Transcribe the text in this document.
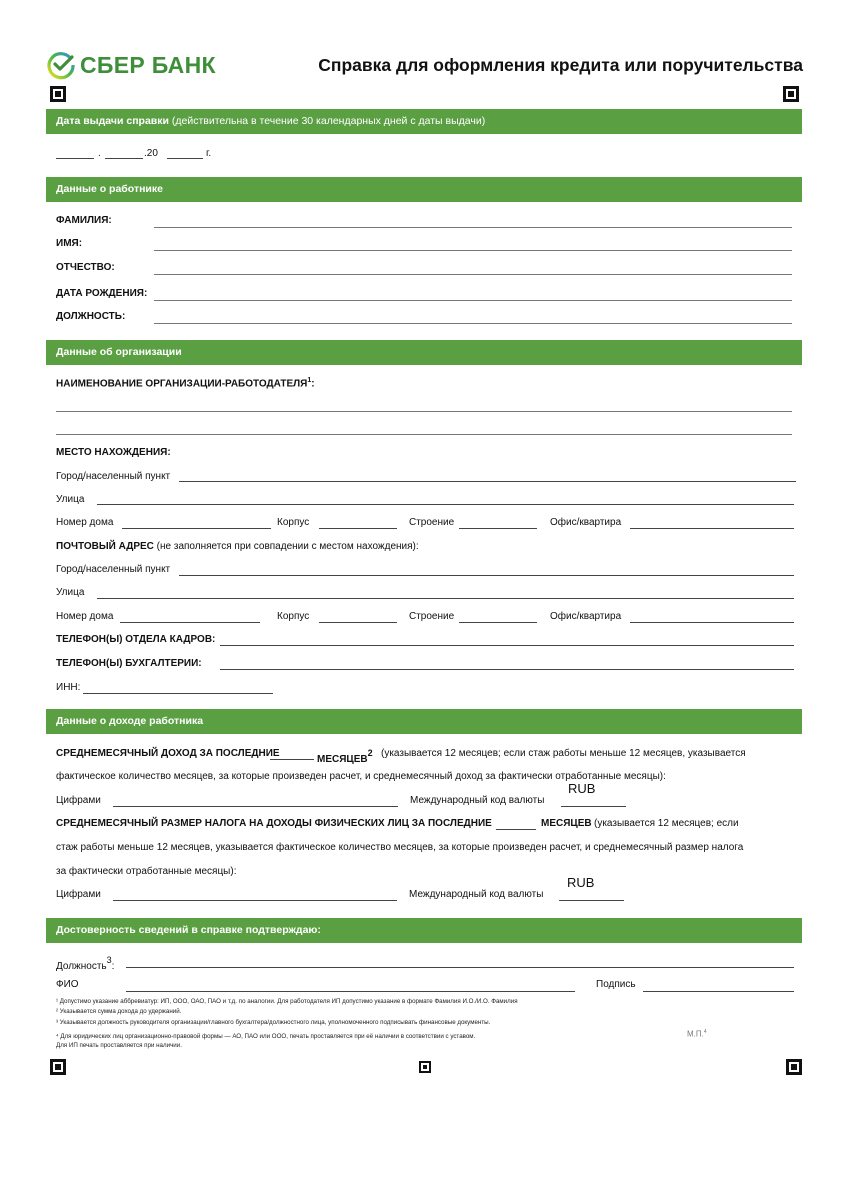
СБЕР БАНК	Справка для оформления кредита или поручительства
Дата выдачи справки (действительна в течение 30 календарных дней с даты выдачи)
.	.20	г.
Данные о работнике
ФАМИЛИЯ:
ИМЯ:
ОТЧЕСТВО:
ДАТА РОЖДЕНИЯ:
ДОЛЖНОСТЬ:
Данные об организации
НАИМЕНОВАНИЕ ОРГАНИЗАЦИИ-РАБОТОДАТЕЛЯ$^1$:
МЕСТО НАХОЖДЕНИЯ:
Город/населенный пункт
Улица
Номер дома	Корпус	Строение	Офис/квартира
ПОЧТОВЫЙ АДРЕС (не заполняется при совпадении с местом нахождения):
Город/населенный пункт
Улица
Номер дома	Корпус	Строение	Офис/квартира
ТЕЛЕФОН(Ы) ОТДЕЛА КАДРОВ:
ТЕЛЕФОН(Ы) БУХГАЛТЕРИИ:
ИНН:
Данные о доходе работника
СРЕДНЕМЕСЯЧНЫЙ ДОХОД ЗА ПОСЛЕДНИЕ
МЕСЯЦЕВ2 (указывается 12 месяцев; если стаж работы меньше 12 месяцев, указывается
фактическое количество месяцев, за которые произведен расчет, и среднемесячный доход за фактически отработанные месяцы):
Цифрами	Международный код валюты
RUB
СРЕДНЕМЕСЯЧНЫЙ РАЗМЕР НАЛОГА НА ДОХОДЫ ФИЗИЧЕСКИХ ЛИЦ ЗА ПОСЛЕДНИЕ	МЕСЯЦЕВ (указывается 12 месяцев; если
стаж работы меньше 12 месяцев, указывается фактическое количество месяцев, за которые произведен расчет, и среднемесячный размер налога
за фактически отработанные месяцы):
Цифрами	Международный код валюты
RUB
Достоверность сведений в справке подтверждаю:
Должность3:
ФИО	Подпись
¹ Допустимо указание аббревиатур: ИП, ООО, ОАО, ПАО и т.д. по аналогии. Для работодателя ИП допустимо указание в формате Фамилия И.О./И.О. Фамилия
² Указывается сумма дохода до удержаний.
³ Указывается должность руководителя организации/главного бухгалтера/должностного лица, уполномоченного подписывать финансовые документы.
⁴ Для юридических лиц организационно-правовой формы — АО, ПАО или ООО, печать проставляется при её наличии в соответствии с уставом.
Для ИП печать проставляется при наличии.
М.П.$^4$
